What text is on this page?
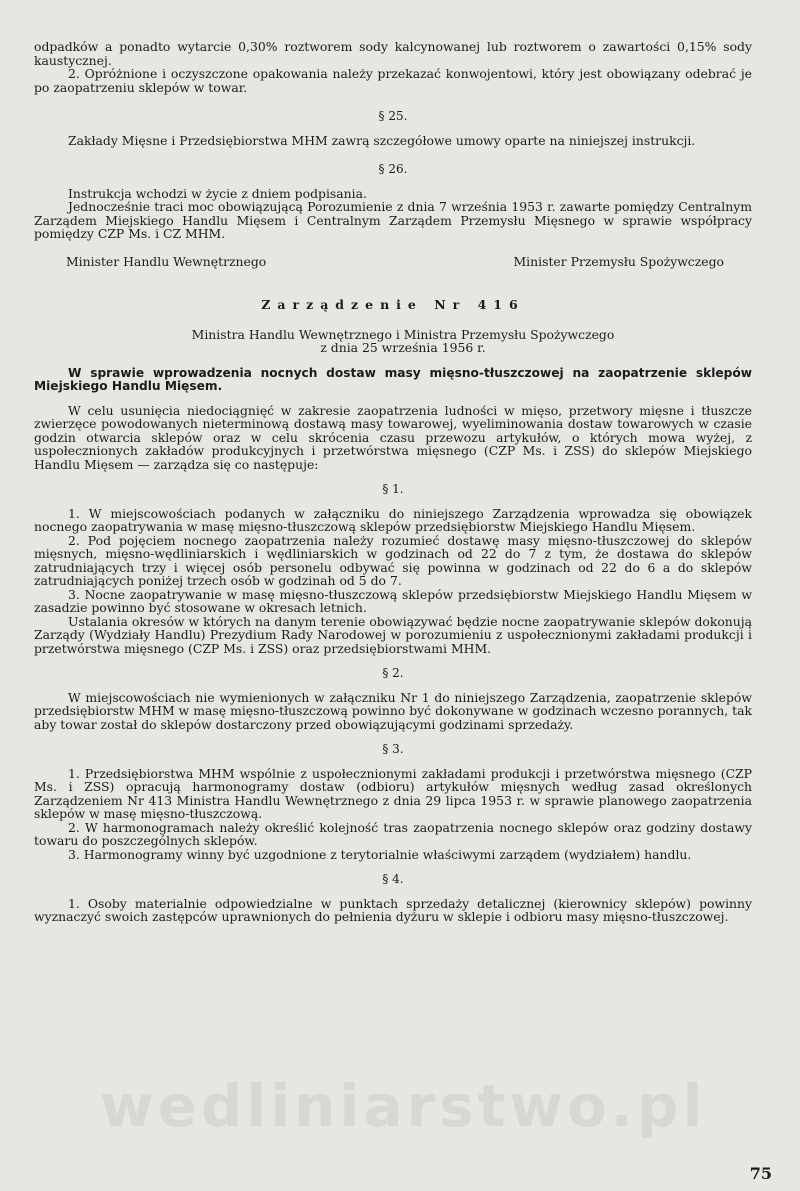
odpadków a ponadto wytarcie 0,30% roztworem sody kalcynowanej lub roztworem o zawartości 0,15% sody kaustycznej.

2. Opróżnione i oczyszczone opakowania należy przekazać konwojentowi, który jest obowiązany odebrać je po zaopatrzeniu sklepów w towar.

§ 25.

Zakłady Mięsne i Przedsiębiorstwa MHM zawrą szczegółowe umowy oparte na niniejszej instrukcji.

§ 26.

Instrukcja wchodzi w życie z dniem podpisania.

Jednocześnie traci moc obowiązującą Porozumienie z dnia 7 września 1953 r. zawarte pomiędzy Centralnym Zarządem Miejskiego Handlu Mięsem i Centralnym Zarządem Przemysłu Mięsnego w sprawie współpracy pomiędzy CZP Ms. i CZ MHM.

Minister Handlu Wewnętrznego	Minister Przemysłu Spożywczego

Zarządzenie Nr 416

Ministra Handlu Wewnętrznego i Ministra Przemysłu Spożywczego

z dnia 25 września 1956 r.

W sprawie wprowadzenia nocnych dostaw masy mięsno-tłuszczowej na zaopatrzenie sklepów Miejskiego Handlu Mięsem.

W celu usunięcia niedociągnięć w zakresie zaopatrzenia ludności w mięso, przetwory mięsne i tłuszcze zwierzęce powodowanych nieterminową dostawą masy towarowej, wyeliminowania dostaw towarowych w czasie godzin otwarcia sklepów oraz w celu skrócenia czasu przewozu artykułów, o których mowa wyżej, z uspołecznionych zakładów produkcyjnych i przetwórstwa mięsnego (CZP Ms. i ZSS) do sklepów Miejskiego Handlu Mięsem — zarządza się co następuje:

§ 1.

1. W miejscowościach podanych w załączniku do niniejszego Zarządzenia wprowadza się obowiązek nocnego zaopatrywania w masę mięsno-tłuszczową sklepów przedsiębiorstw Miejskiego Handlu Mięsem.

2. Pod pojęciem nocnego zaopatrzenia należy rozumieć dostawę masy mięsno-tłuszczowej do sklepów mięsnych, mięsno-wędliniarskich i wędliniarskich w godzinach od 22 do 7 z tym, że dostawa do sklepów zatrudniających trzy i więcej osób personelu odbywać się powinna w godzinach od 22 do 6 a do sklepów zatrudniających poniżej trzech osób w godzinah od 5 do 7.

3. Nocne zaopatrywanie w masę mięsno-tłuszczową sklepów przedsiębiorstw Miejskiego Handlu Mięsem w zasadzie powinno być stosowane w okresach letnich.

Ustalania okresów w których na danym terenie obowiązywać będzie nocne zaopatrywanie sklepów dokonują Zarządy (Wydziały Handlu) Prezydium Rady Narodowej w porozumieniu z uspołecznionymi zakładami produkcji i przetwórstwa mięsnego (CZP Ms. i ZSS) oraz przedsiębiorstwami MHM.

§ 2.

W miejscowościach nie wymienionych w załączniku Nr 1 do niniejszego Zarządzenia, zaopatrzenie sklepów przedsiębiorstw MHM w masę mięsno-tłuszczową powinno być dokonywane w godzinach wczesno porannych, tak aby towar został do sklepów dostarczony przed obowiązującymi godzinami sprzedaży.

§ 3.

1. Przedsiębiorstwa MHM wspólnie z uspołecznionymi zakładami produkcji i przetwórstwa mięsnego (CZP Ms. i ZSS) opracują harmonogramy dostaw (odbioru) artykułów mięsnych według zasad określonych Zarządzeniem Nr 413 Ministra Handlu Wewnętrznego z dnia 29 lipca 1953 r. w sprawie planowego zaopatrzenia sklepów w masę mięsno-tłuszczową.

2. W harmonogramach należy określić kolejność tras zaopatrzenia nocnego sklepów oraz godziny dostawy towaru do poszczególnych sklepów.

3. Harmonogramy winny być uzgodnione z terytorialnie właściwymi zarządem (wydziałem) handlu.

§ 4.

1. Osoby materialnie odpowiedzialne w punktach sprzedaży detalicznej (kierownicy sklepów) powinny wyznaczyć swoich zastępców uprawnionych do pełnienia dyżuru w sklepie i odbioru masy mięsno-tłuszczowej.

wedliniarstwo.pl
75
